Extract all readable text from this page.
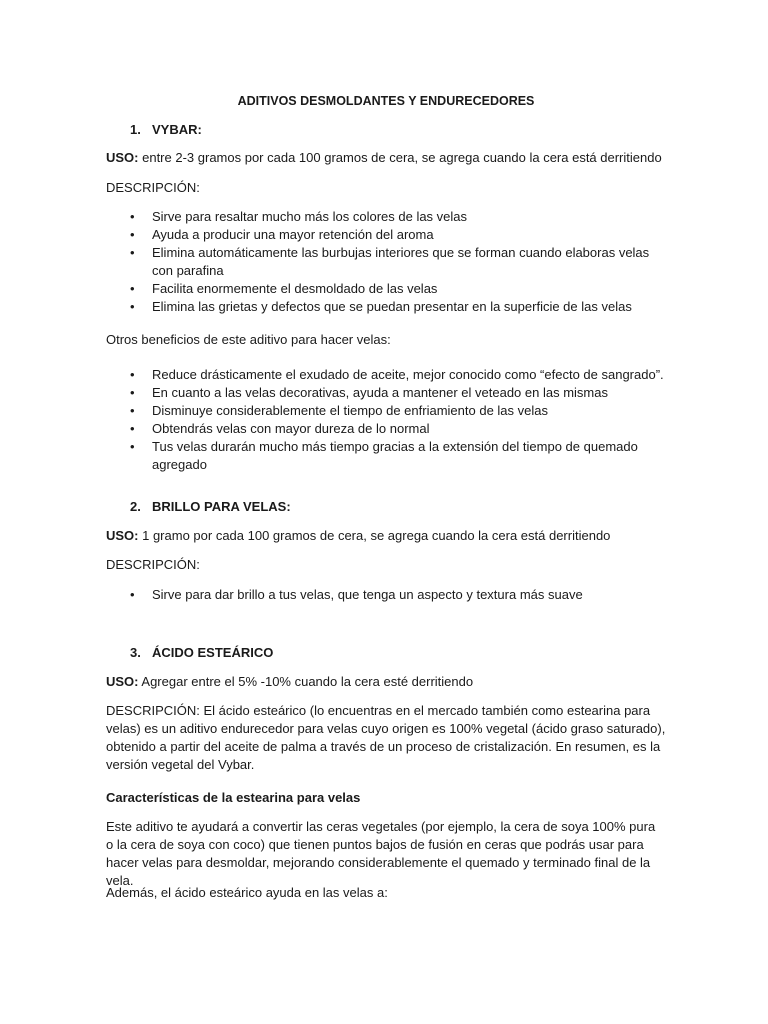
ADITIVOS DESMOLDANTES Y ENDURECEDORES
1. VYBAR:
USO: entre 2-3 gramos por cada 100 gramos de cera, se agrega cuando la cera está derritiendo
DESCRIPCIÓN:
• Sirve para resaltar mucho más los colores de las velas
• Ayuda a producir una mayor retención del aroma
• Elimina automáticamente las burbujas interiores que se forman cuando elaboras velas con parafina
• Facilita enormemente el desmoldado de las velas
• Elimina las grietas y defectos que se puedan presentar en la superficie de las velas
Otros beneficios de este aditivo para hacer velas:
• Reduce drásticamente el exudado de aceite, mejor conocido como “efecto de sangrado”.
• En cuanto a las velas decorativas, ayuda a mantener el veteado en las mismas
• Disminuye considerablemente el tiempo de enfriamiento de las velas
• Obtendrás velas con mayor dureza de lo normal
• Tus velas durarán mucho más tiempo gracias a la extensión del tiempo de quemado agregado
2. BRILLO PARA VELAS:
USO: 1 gramo por cada 100 gramos de cera, se agrega cuando la cera está derritiendo
DESCRIPCIÓN:
• Sirve para dar brillo a tus velas, que tenga un aspecto y textura más suave
3. ÁCIDO ESTEÁRICO
USO: Agregar entre el 5% -10% cuando la cera esté derritiendo
DESCRIPCIÓN: El ácido esteárico (lo encuentras en el mercado también como estearina para velas) es un aditivo endurecedor para velas cuyo origen es 100% vegetal (ácido graso saturado), obtenido a partir del aceite de palma a través de un proceso de cristalización. En resumen, es la versión vegetal del Vybar.
Características de la estearina para velas
Este aditivo te ayudará a convertir las ceras vegetales (por ejemplo, la cera de soya 100% pura o la cera de soya con coco) que tienen puntos bajos de fusión en ceras que podrás usar para hacer velas para desmoldar, mejorando considerablemente el quemado y terminado final de la vela.
Además, el ácido esteárico ayuda en las velas a:
